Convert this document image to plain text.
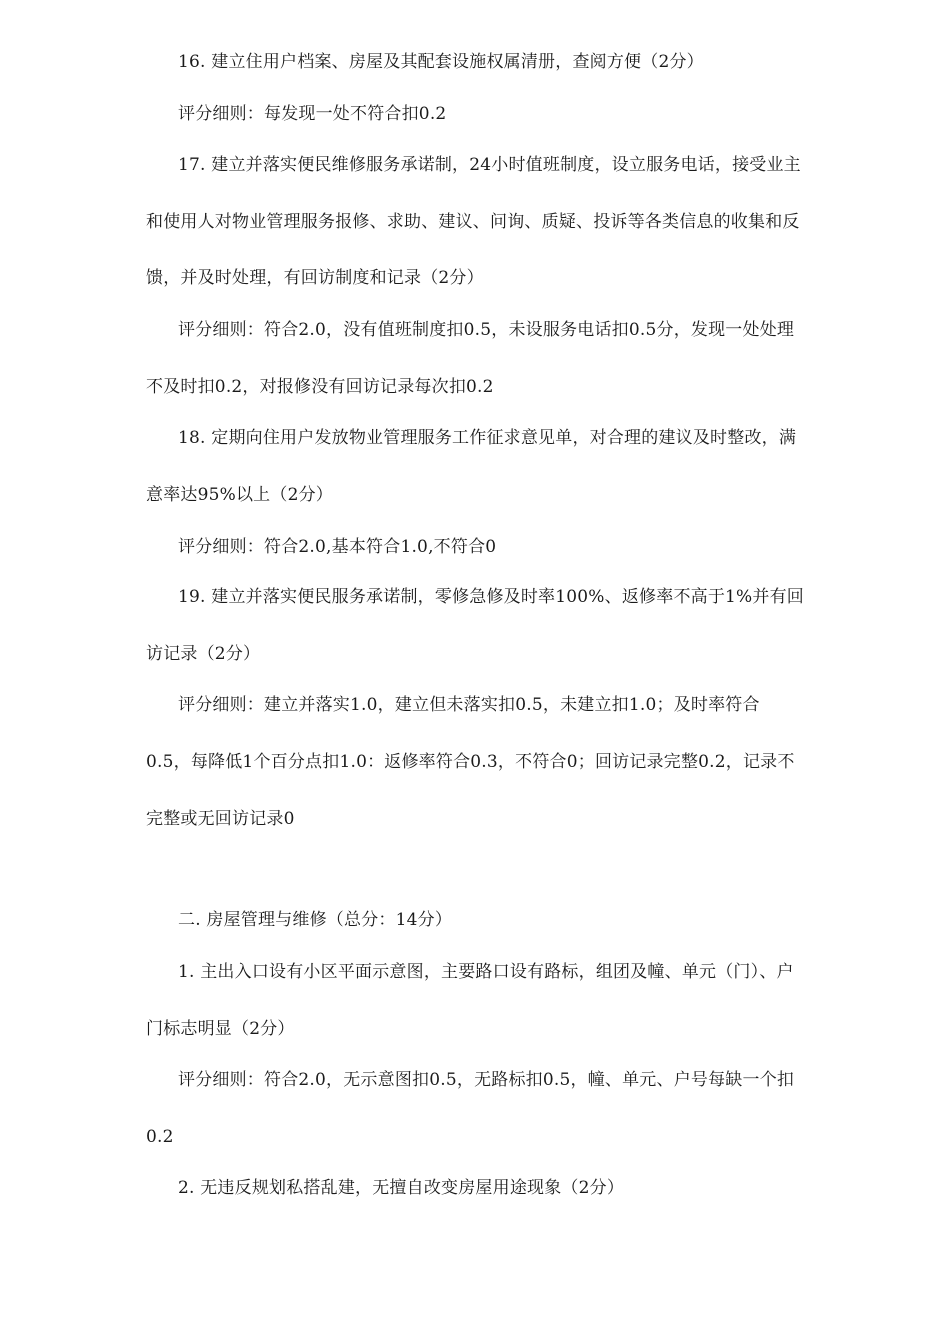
16. 建立住用户档案、房屋及其配套设施权属清册，查阅方便（2分）
评分细则：每发现一处不符合扣0.2
17. 建立并落实便民维修服务承诺制，24小时值班制度，设立服务电话，接受业主
和使用人对物业管理服务报修、求助、建议、问询、质疑、投诉等各类信息的收集和反
馈，并及时处理，有回访制度和记录（2分）
评分细则：符合2.0，没有值班制度扣0.5，未设服务电话扣0.5分，发现一处处理
不及时扣0.2，对报修没有回访记录每次扣0.2
18. 定期向住用户发放物业管理服务工作征求意见单，对合理的建议及时整改，满
意率达95%以上（2分）
评分细则：符合2.0,基本符合1.0,不符合0
19. 建立并落实便民服务承诺制，零修急修及时率100%、返修率不高于1%并有回
访记录（2分）
评分细则：建立并落实1.0，建立但未落实扣0.5，未建立扣1.0；及时率符合
0.5，每降低1个百分点扣1.0：返修率符合0.3，不符合0；回访记录完整0.2，记录不
完整或无回访记录0
二. 房屋管理与维修（总分：14分）
1. 主出入口设有小区平面示意图，主要路口设有路标，组团及幢、单元（门）、户
门标志明显（2分）
评分细则：符合2.0，无示意图扣0.5，无路标扣0.5，幢、单元、户号每缺一个扣
0.2
2. 无违反规划私搭乱建，无擅自改变房屋用途现象（2分）
